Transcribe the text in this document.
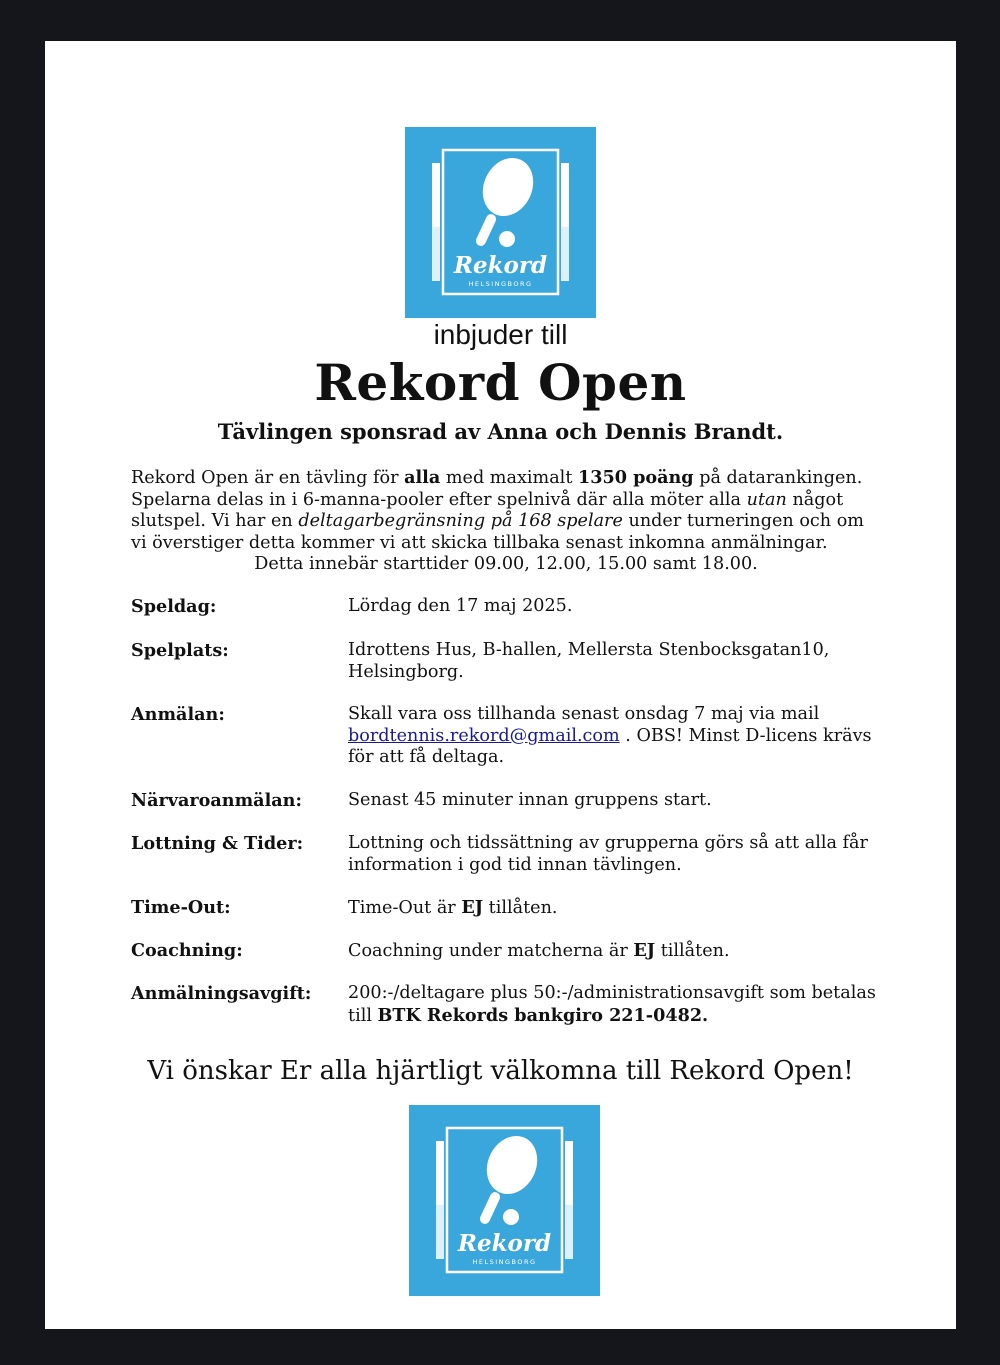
Rekord
HELSINGBORG
inbjuder till
Rekord Open
Tävlingen sponsrad av Anna och Dennis Brandt.
Rekord Open är en tävling för alla med maximalt 1350 poäng på datarankingen. Spelarna delas in i 6-manna-pooler efter spelnivå där alla möter alla utan något slutspel. Vi har en deltagarbegränsning på 168 spelare under turneringen och om vi överstiger detta kommer vi att skicka tillbaka senast inkomna anmälningar.
Detta innebär starttider 09.00, 12.00, 15.00 samt 18.00.
Speldag:	Lördag den 17 maj 2025.
Spelplats:	Idrottens Hus, B-hallen, Mellersta Stenbocksgatan10, Helsingborg.
Anmälan:	Skall vara oss tillhanda senast onsdag 7 maj via mail bordtennis.rekord@gmail.com . OBS! Minst D-licens krävs för att få deltaga.
Närvaroanmälan:	Senast 45 minuter innan gruppens start.
Lottning & Tider:	Lottning och tidssättning av grupperna görs så att alla får information i god tid innan tävlingen.
Time-Out:	Time-Out är EJ tillåten.
Coachning:	Coachning under matcherna är EJ tillåten.
Anmälningsavgift: 200:-/deltagare plus 50:-/administrationsavgift som betalas till BTK Rekords bankgiro 221-0482.
Vi önskar Er alla hjärtligt välkomna till Rekord Open!
Rekord
HELSINGBORG
